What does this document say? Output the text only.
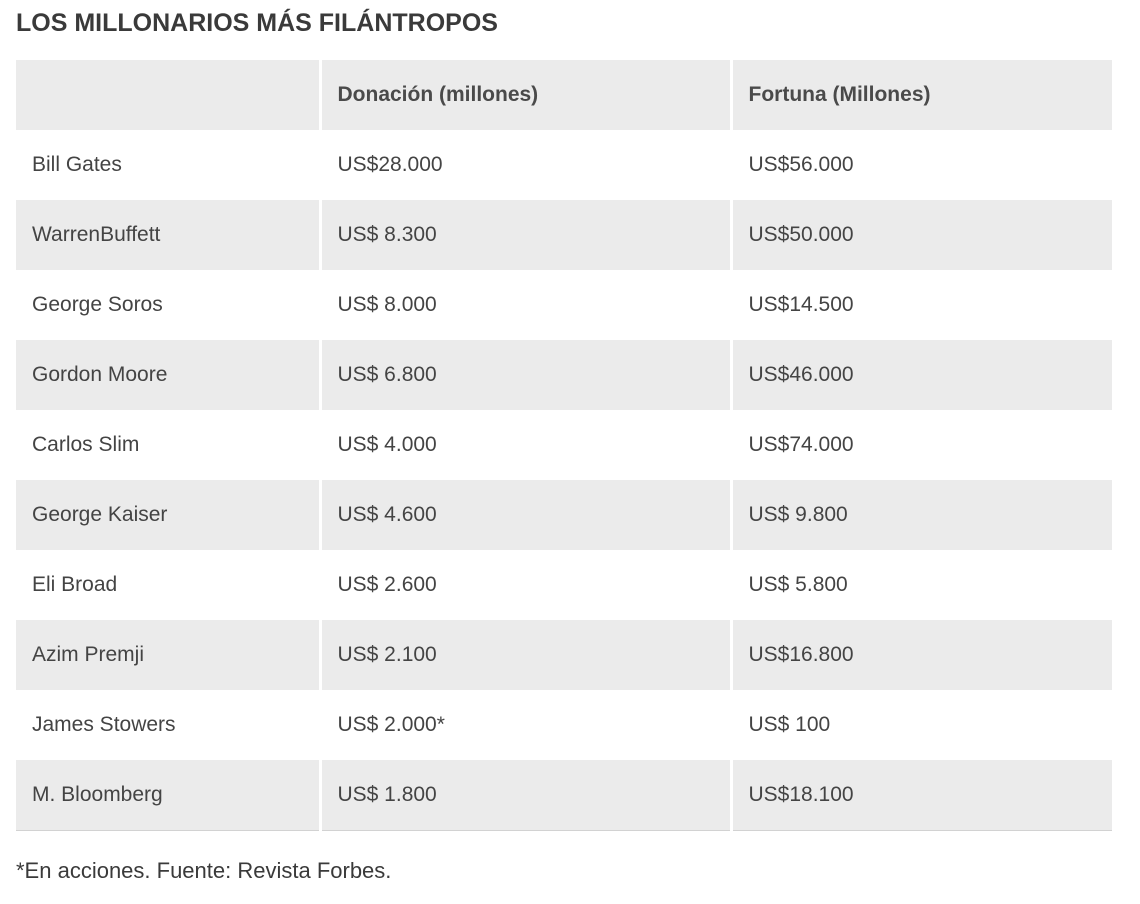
LOS MILLONARIOS MÁS FILÁNTROPOS
	Donación (millones)	Fortuna (Millones)
Bill Gates	US$28.000	US$56.000
WarrenBuffett	US$ 8.300	US$50.000
George Soros	US$ 8.000	US$14.500
Gordon Moore	US$ 6.800	US$46.000
Carlos Slim	US$ 4.000	US$74.000
George Kaiser	US$ 4.600	US$ 9.800
Eli Broad	US$ 2.600	US$ 5.800
Azim Premji	US$ 2.100	US$16.800
James Stowers	US$ 2.000*	US$ 100
M. Bloomberg	US$ 1.800	US$18.100

*En acciones. Fuente: Revista Forbes.
